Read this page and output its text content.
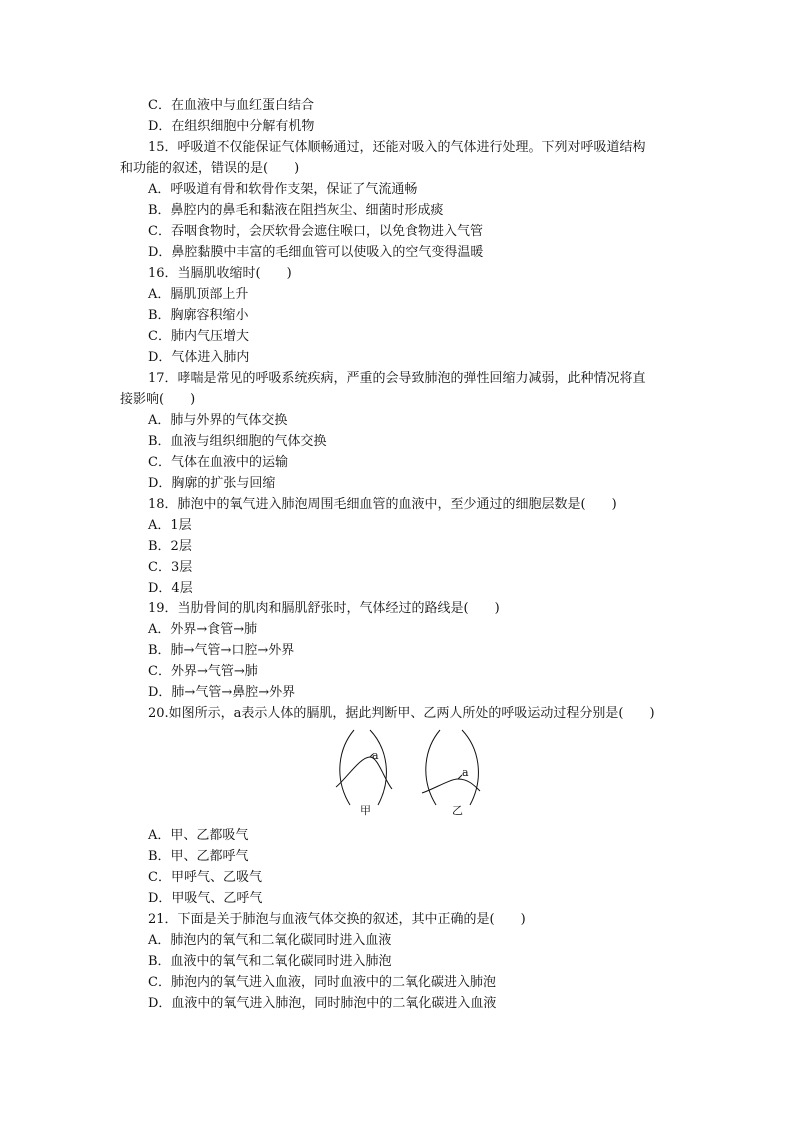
C．在血液中与血红蛋白结合
D．在组织细胞中分解有机物
15．呼吸道不仅能保证气体顺畅通过，还能对吸入的气体进行处理。下列对呼吸道结构
和功能的叙述，错误的是(　　)
A．呼吸道有骨和软骨作支架，保证了气流通畅
B．鼻腔内的鼻毛和黏液在阻挡灰尘、细菌时形成痰
C．吞咽食物时，会厌软骨会遮住喉口，以免食物进入气管
D．鼻腔黏膜中丰富的毛细血管可以使吸入的空气变得温暖
16．当膈肌收缩时(　　)
A．膈肌顶部上升
B．胸廓容积缩小
C．肺内气压增大
D．气体进入肺内
17．哮喘是常见的呼吸系统疾病，严重的会导致肺泡的弹性回缩力减弱，此种情况将直
接影响(　　)
A．肺与外界的气体交换
B．血液与组织细胞的气体交换
C．气体在血液中的运输
D．胸廓的扩张与回缩
18．肺泡中的氧气进入肺泡周围毛细血管的血液中，至少通过的细胞层数是(　　)
A．1层
B．2层
C．3层
D．4层
19．当肋骨间的肌肉和膈肌舒张时，气体经过的路线是(　　)
A．外界→食管→肺
B．肺→气管→口腔→外界
C．外界→气管→肺
D．肺→气管→鼻腔→外界
20.如图所示，a表示人体的膈肌，据此判断甲、乙两人所处的呼吸运动过程分别是(　　)
a
甲
a
乙
A．甲、乙都吸气
B．甲、乙都呼气
C．甲呼气、乙吸气
D．甲吸气、乙呼气
21．下面是关于肺泡与血液气体交换的叙述，其中正确的是(　　)
A．肺泡内的氧气和二氧化碳同时进入血液
B．血液中的氧气和二氧化碳同时进入肺泡
C．肺泡内的氧气进入血液，同时血液中的二氧化碳进入肺泡
D．血液中的氧气进入肺泡，同时肺泡中的二氧化碳进入血液
